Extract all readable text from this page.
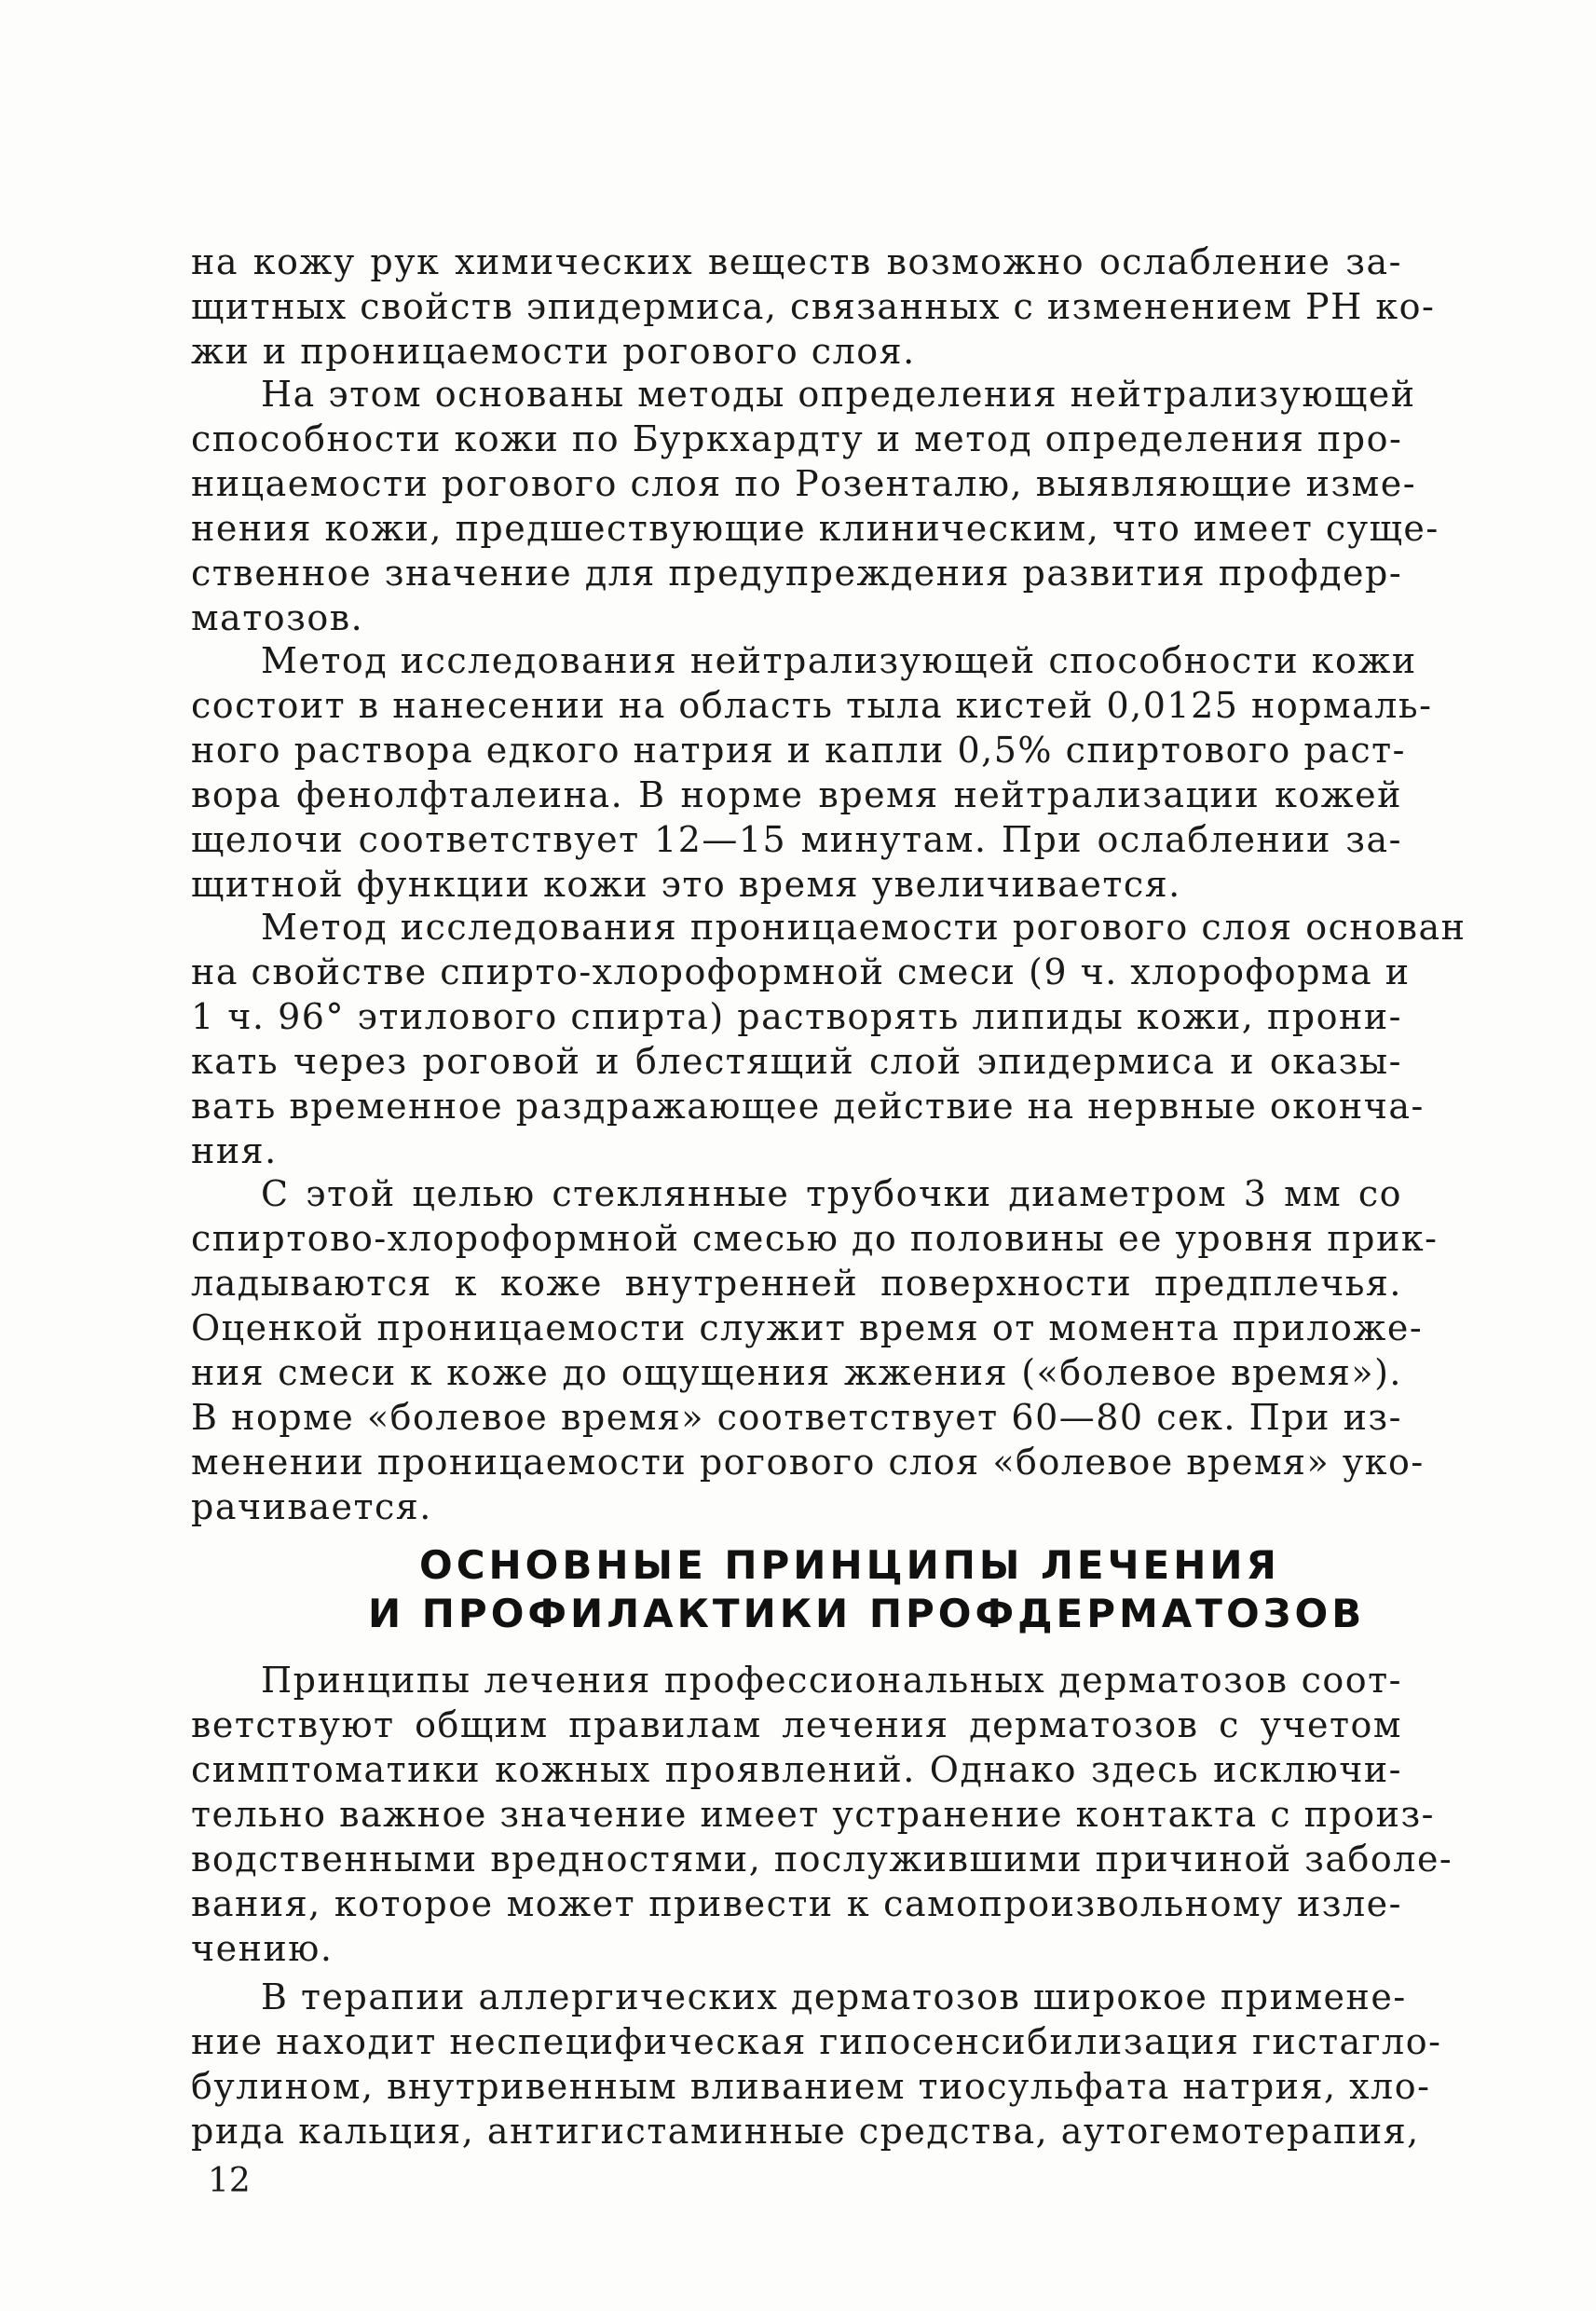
на кожу рук химических веществ возможно ослабление за-
щитных свойств эпидермиса, связанных с изменением PH ко-
жи и проницаемости рогового слоя.
На этом основаны методы определения нейтрализующей
способности кожи по Буркхардту и метод определения про-
ницаемости рогового слоя по Розенталю, выявляющие изме-
нения кожи, предшествующие клиническим, что имеет суще-
ственное значение для предупреждения развития профдер-
матозов.
Метод исследования нейтрализующей способности кожи
состоит в нанесении на область тыла кистей 0,0125 нормаль-
ного раствора едкого натрия и капли 0,5% спиртового раст-
вора фенолфталеина. В норме время нейтрализации кожей
щелочи соответствует 12—15 минутам. При ослаблении за-
щитной функции кожи это время увеличивается.
Метод исследования проницаемости рогового слоя основан
на свойстве спирто-хлороформной смеси (9 ч. хлороформа и
1 ч. 96° этилового спирта) растворять липиды кожи, прони-
кать через роговой и блестящий слой эпидермиса и оказы-
вать временное раздражающее действие на нервные оконча-
ния.
С этой целью стеклянные трубочки диаметром 3 мм со
спиртово-хлороформной смесью до половины ее уровня прик-
ладываются к коже внутренней поверхности предплечья.
Оценкой проницаемости служит время от момента приложе-
ния смеси к коже до ощущения жжения («болевое время»).
В норме «болевое время» соответствует 60—80 сек. При из-
менении проницаемости рогового слоя «болевое время» уко-
рачивается.
ОСНОВНЫЕ ПРИНЦИПЫ ЛЕЧЕНИЯ
И ПРОФИЛАКТИКИ ПРОФДЕРМАТОЗОВ
Принципы лечения профессиональных дерматозов соот-
ветствуют общим правилам лечения дерматозов с учетом
симптоматики кожных проявлений. Однако здесь исключи-
тельно важное значение имеет устранение контакта с произ-
водственными вредностями, послужившими причиной заболе-
вания, которое может привести к самопроизвольному изле-
чению.
В терапии аллергических дерматозов широкое примене-
ние находит неспецифическая гипосенсибилизация гистагло-
булином, внутривенным вливанием тиосульфата натрия, хло-
рида кальция, антигистаминные средства, аутогемотерапия,
12
